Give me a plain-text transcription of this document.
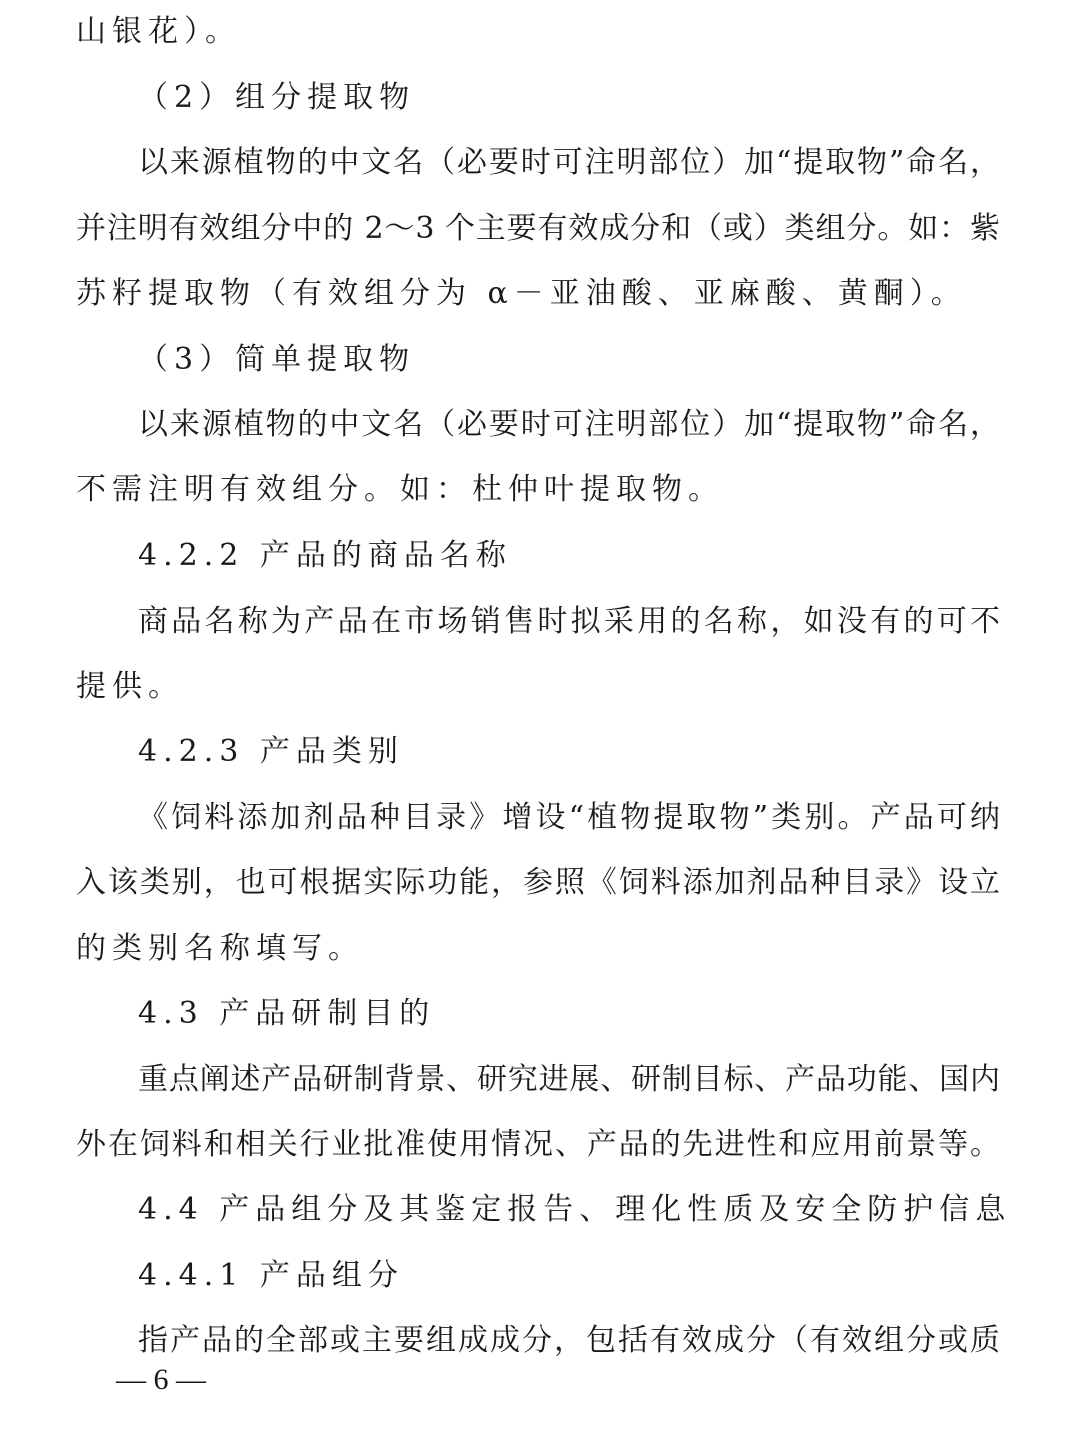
山银花）。
（2）组分提取物
以来源植物的中文名（必要时可注明部位）加“提取物”命名，
并注明有效组分中的 2～3 个主要有效成分和（或）类组分。如：紫
苏籽提取物（有效组分为 α－亚油酸、亚麻酸、黄酮）。
（3）简单提取物
以来源植物的中文名（必要时可注明部位）加“提取物”命名，
不需注明有效组分。如：杜仲叶提取物。
4.2.2 产品的商品名称
商品名称为产品在市场销售时拟采用的名称，如没有的可不
提供。
4.2.3 产品类别
《饲料添加剂品种目录》增设“植物提取物”类别。产品可纳
入该类别，也可根据实际功能，参照《饲料添加剂品种目录》设立
的类别名称填写。
4.3 产品研制目的
重点阐述产品研制背景、研究进展、研制目标、产品功能、国内
外在饲料和相关行业批准使用情况、产品的先进性和应用前景等。
4.4 产品组分及其鉴定报告、理化性质及安全防护信息
4.4.1 产品组分
指产品的全部或主要组成成分，包括有效成分（有效组分或质
— 6 —
